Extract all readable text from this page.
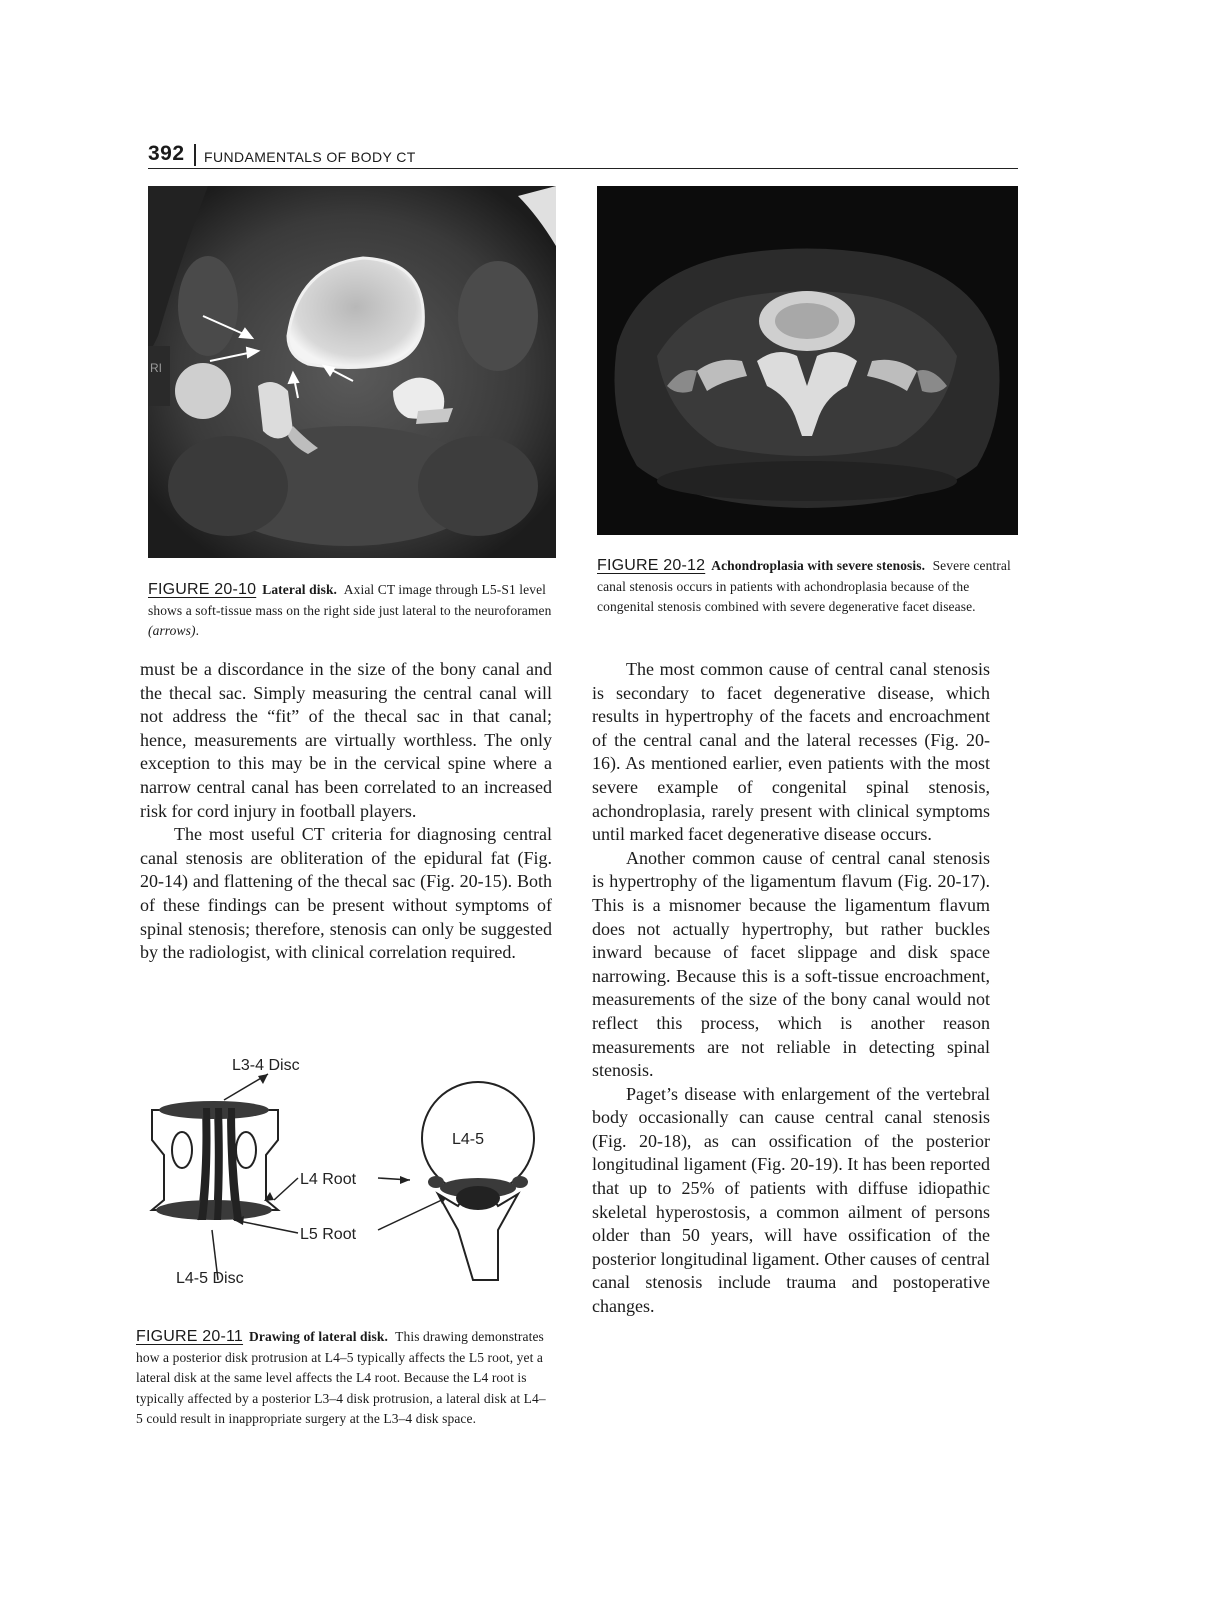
392 FUNDAMENTALS OF BODY CT
RI
FIGURE 20-10 Lateral disk. Axial CT image through L5-S1 level shows a soft-tissue mass on the right side just lateral to the neuroforamen (arrows).
FIGURE 20-12 Achondroplasia with severe stenosis. Severe central canal stenosis occurs in patients with achondroplasia because of the congenital stenosis combined with severe degenerative facet disease.

must be a discordance in the size of the bony canal and the thecal sac. Simply measuring the central canal will not address the “fit” of the thecal sac in that canal; hence, measurements are virtually worthless. The only exception to this may be in the cervical spine where a narrow central canal has been correlated to an increased risk for cord injury in football players.

The most useful CT criteria for diagnosing central canal stenosis are obliteration of the epidural fat (Fig. 20-14) and flattening of the thecal sac (Fig. 20-15). Both of these findings can be present without symptoms of spinal stenosis; therefore, stenosis can only be suggested by the radiologist, with clinical correlation required.

The most common cause of central canal stenosis is secondary to facet degenerative disease, which results in hypertrophy of the facets and encroachment of the central canal and the lateral recesses (Fig. 20-16). As mentioned earlier, even patients with the most severe example of congenital spinal stenosis, achondroplasia, rarely present with clinical symptoms until marked facet degenerative disease occurs.

Another common cause of central canal stenosis is hypertrophy of the ligamentum flavum (Fig. 20-17). This is a misnomer because the ligamentum flavum does not actually hypertrophy, but rather buckles inward because of facet slippage and disk space narrowing. Because this is a soft-tissue encroachment, measurements of the size of the bony canal would not reflect this process, which is another reason measurements are not reliable in detecting spinal stenosis.

Paget’s disease with enlargement of the vertebral body occasionally can cause central canal stenosis (Fig. 20-18), as can ossification of the posterior longitudinal ligament (Fig. 20-19). It has been reported that up to 25% of patients with diffuse idiopathic skeletal hyperostosis, a common ailment of persons older than 50 years, will have ossification of the posterior longitudinal ligament. Other causes of central canal stenosis include trauma and postoperative changes.

L3-4 Disc
L4 Root
L5 Root
L4-5 Disc
L4-5
FIGURE 20-11 Drawing of lateral disk. This drawing demonstrates how a posterior disk protrusion at L4–5 typically affects the L5 root, yet a lateral disk at the same level affects the L4 root. Because the L4 root is typically affected by a posterior L3–4 disk protrusion, a lateral disk at L4–5 could result in inappropriate surgery at the L3–4 disk space.
